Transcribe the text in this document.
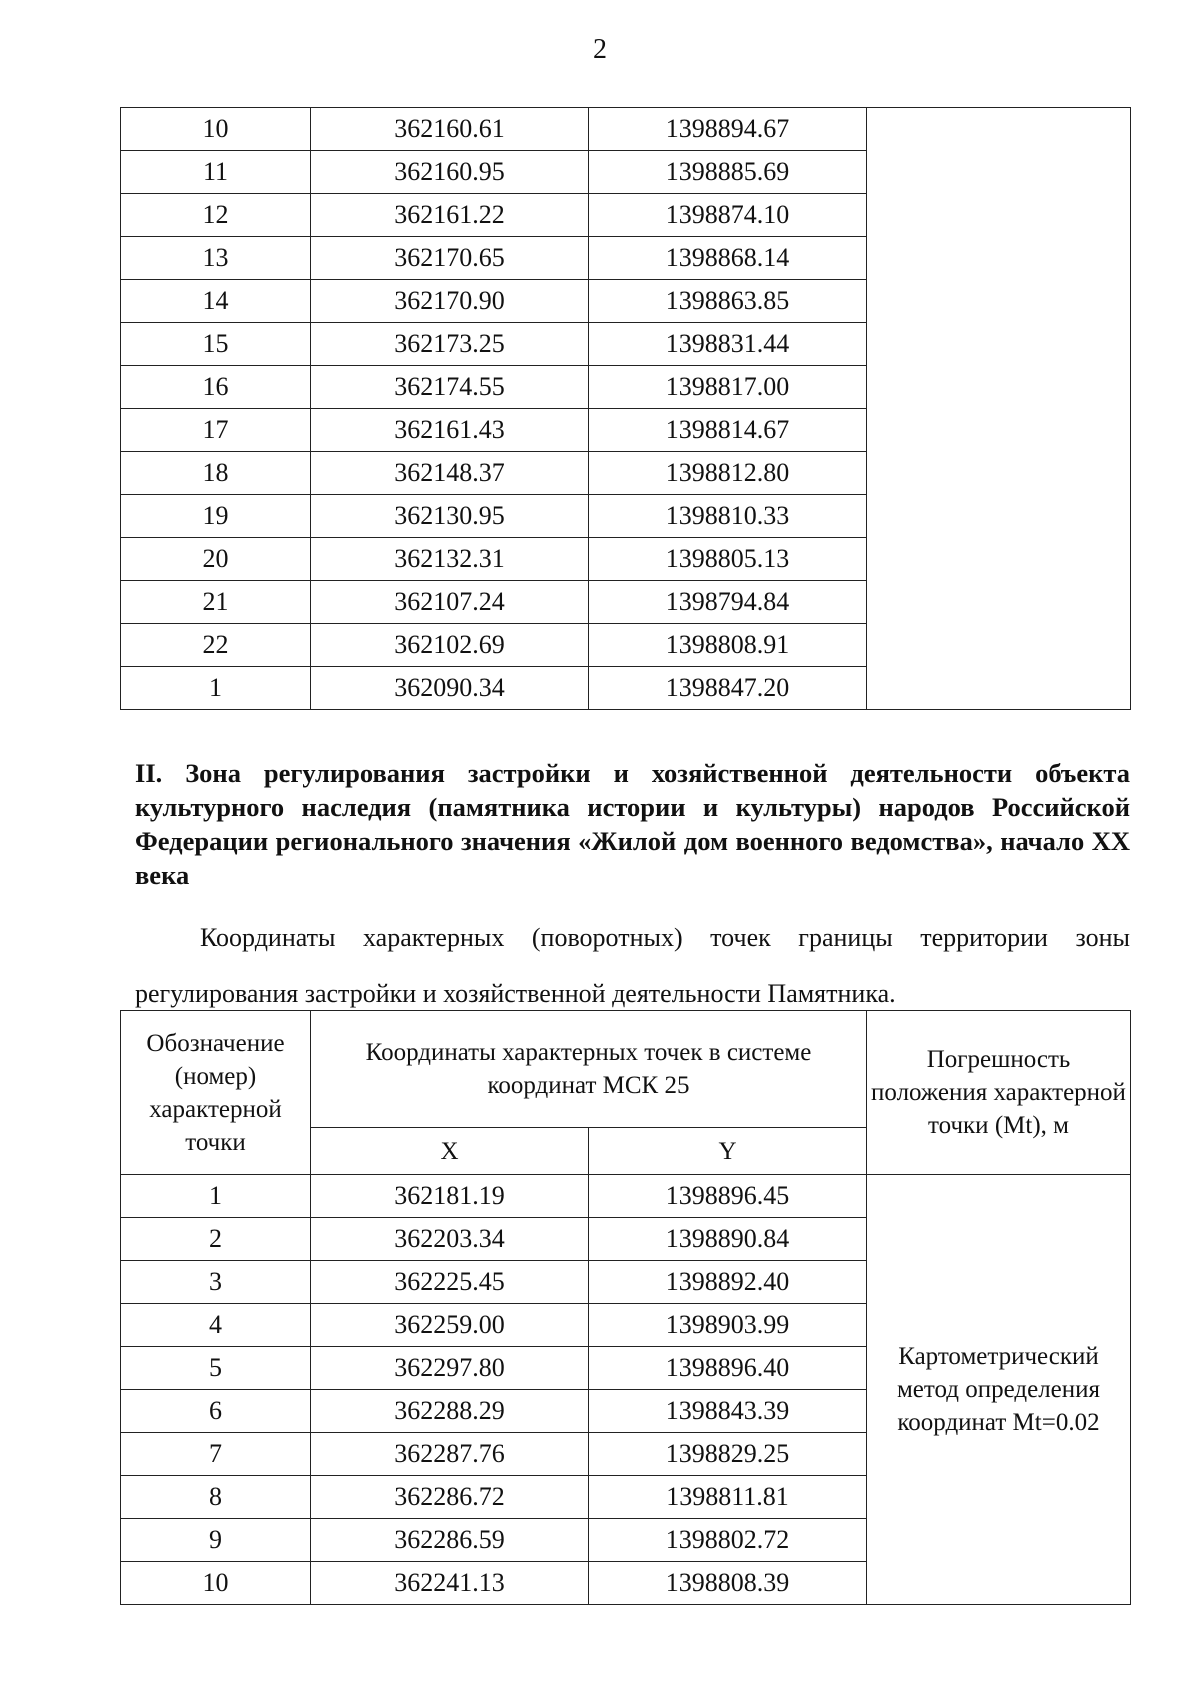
2
10	362160.61	1398894.67	
11	362160.95	1398885.69	
12	362161.22	1398874.10	
13	362170.65	1398868.14	
14	362170.90	1398863.85	
15	362173.25	1398831.44	
16	362174.55	1398817.00	
17	362161.43	1398814.67	
18	362148.37	1398812.80	
19	362130.95	1398810.33	
20	362132.31	1398805.13	
21	362107.24	1398794.84	
22	362102.69	1398808.91	
1	362090.34	1398847.20	
II. Зона регулирования застройки и хозяйственной деятельности объекта культурного наследия (памятника истории и культуры) народов Российской Федерации регионального значения «Жилой дом военного ведомства», начало XX века
Координаты характерных (поворотных) точек границы территории зоны регулирования застройки и хозяйственной деятельности Памятника.
Обозначение (номер) характерной точки	Координаты характерных точек в системе координат МСК 25		Погрешность положения характерной точки (Mt), м
	X	Y	
1	362181.19	1398896.45	Картометрический метод определения координат Mt=0.02
2	362203.34	1398890.84	
3	362225.45	1398892.40	
4	362259.00	1398903.99	
5	362297.80	1398896.40	
6	362288.29	1398843.39	
7	362287.76	1398829.25	
8	362286.72	1398811.81	
9	362286.59	1398802.72	
10	362241.13	1398808.39	
